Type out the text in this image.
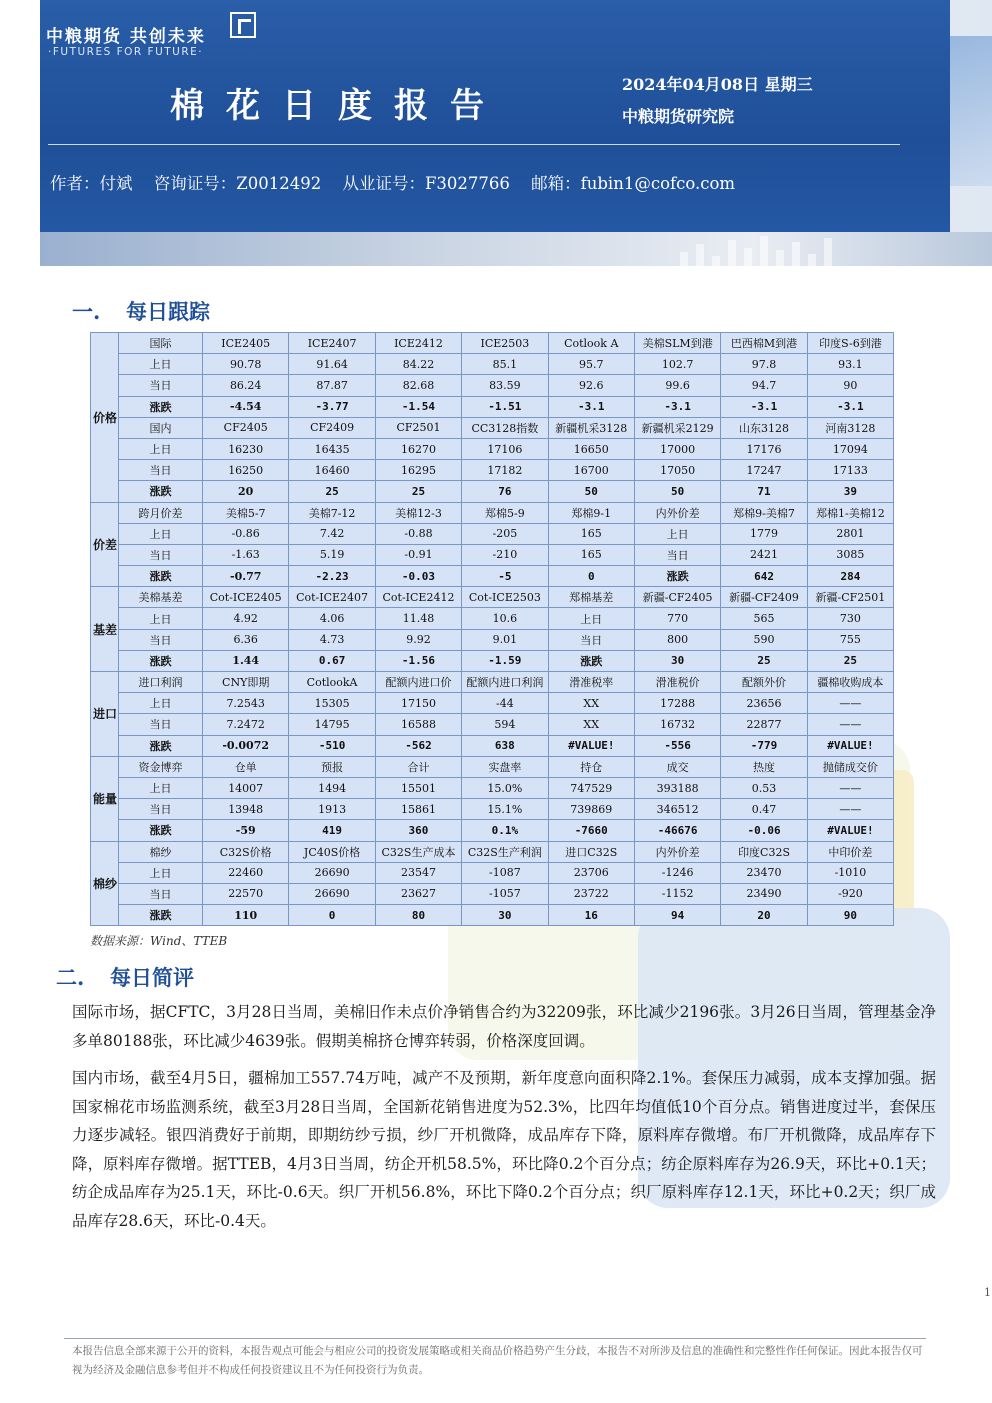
中粮期货 共创未来
·FUTURES FOR FUTURE·
棉花日度报告
2024年04月08日 星期三
中粮期货研究院
作者：付斌 咨询证号：Z0012492 从业证号：F3027766 邮箱：fubin1@cofco.com
一. 每日跟踪
价格	国际	ICE2405	ICE2407	ICE2412	ICE2503	Cotlook A	美棉SLM到港	巴西棉M到港	印度S-6到港
	上日	90.78	91.64	84.22	85.1	95.7	102.7	97.8	93.1
	当日	86.24	87.87	82.68	83.59	92.6	99.6	94.7	90
	涨跌	-4.54	-3.77	-1.54	-1.51	-3.1	-3.1	-3.1	-3.1
	国内	CF2405	CF2409	CF2501	CC3128指数	新疆机采3128	新疆机采2129	山东3128	河南3128
	上日	16230	16435	16270	17106	16650	17000	17176	17094
	当日	16250	16460	16295	17182	16700	17050	17247	17133
	涨跌	20	25	25	76	50	50	71	39
价差	跨月价差	美棉5-7	美棉7-12	美棉12-3	郑棉5-9	郑棉9-1	内外价差	郑棉9-美棉7	郑棉1-美棉12
	上日	-0.86	7.42	-0.88	-205	165	上日	1779	2801
	当日	-1.63	5.19	-0.91	-210	165	当日	2421	3085
	涨跌	-0.77	-2.23	-0.03	-5	0	涨跌	642	284
基差	美棉基差	Cot-ICE2405	Cot-ICE2407	Cot-ICE2412	Cot-ICE2503	郑棉基差	新疆-CF2405	新疆-CF2409	新疆-CF2501
	上日	4.92	4.06	11.48	10.6	上日	770	565	730
	当日	6.36	4.73	9.92	9.01	当日	800	590	755
	涨跌	1.44	0.67	-1.56	-1.59	涨跌	30	25	25
进口	进口利润	CNY即期	CotlookA	配额内进口价	配额内进口利润	滑准税率	滑准税价	配额外价	疆棉收购成本
	上日	7.2543	15305	17150	-44	XX	17288	23656	——
	当日	7.2472	14795	16588	594	XX	16732	22877	——
	涨跌	-0.0072	-510	-562	638	#VALUE!	-556	-779	#VALUE!
能量	资金博弈	仓单	预报	合计	实盘率	持仓	成交	热度	抛储成交价
	上日	14007	1494	15501	15.0%	747529	393188	0.53	——
	当日	13948	1913	15861	15.1%	739869	346512	0.47	——
	涨跌	-59	419	360	0.1%	-7660	-46676	-0.06	#VALUE!
棉纱	棉纱	C32S价格	JC40S价格	C32S生产成本	C32S生产利润	进口C32S	内外价差	印度C32S	中印价差
	上日	22460	26690	23547	-1087	23706	-1246	23470	-1010
	当日	22570	26690	23627	-1057	23722	-1152	23490	-920
	涨跌	110	0	80	30	16	94	20	90
数据来源：Wind、TTEB
二. 每日简评
国际市场，据CFTC，3月28日当周，美棉旧作未点价净销售合约为32209张，环比减少2196张。3月26日当周，管理基金净多单80188张，环比减少4639张。假期美棉挤仓博弈转弱，价格深度回调。
国内市场，截至4月5日，疆棉加工557.74万吨，减产不及预期，新年度意向面积降2.1%。套保压力减弱，成本支撑加强。据国家棉花市场监测系统，截至3月28日当周，全国新花销售进度为52.3%，比四年均值低10个百分点。销售进度过半，套保压力逐步减轻。银四消费好于前期，即期纺纱亏损，纱厂开机微降，成品库存下降，原料库存微增。布厂开机微降，成品库存下降，原料库存微增。据TTEB，4月3日当周，纺企开机58.5%，环比降0.2个百分点；纺企原料库存为26.9天，环比+0.1天；纺企成品库存为25.1天，环比-0.6天。织厂开机56.8%，环比下降0.2个百分点；织厂原料库存12.1天，环比+0.2天；织厂成品库存28.6天，环比-0.4天。
1
本报告信息全部来源于公开的资料，本报告观点可能会与相应公司的投资发展策略或相关商品价格趋势产生分歧，本报告不对所涉及信息的准确性和完整性作任何保证。因此本报告仅可视为经济及金融信息参考但并不构成任何投资建议且不为任何投资行为负责。
